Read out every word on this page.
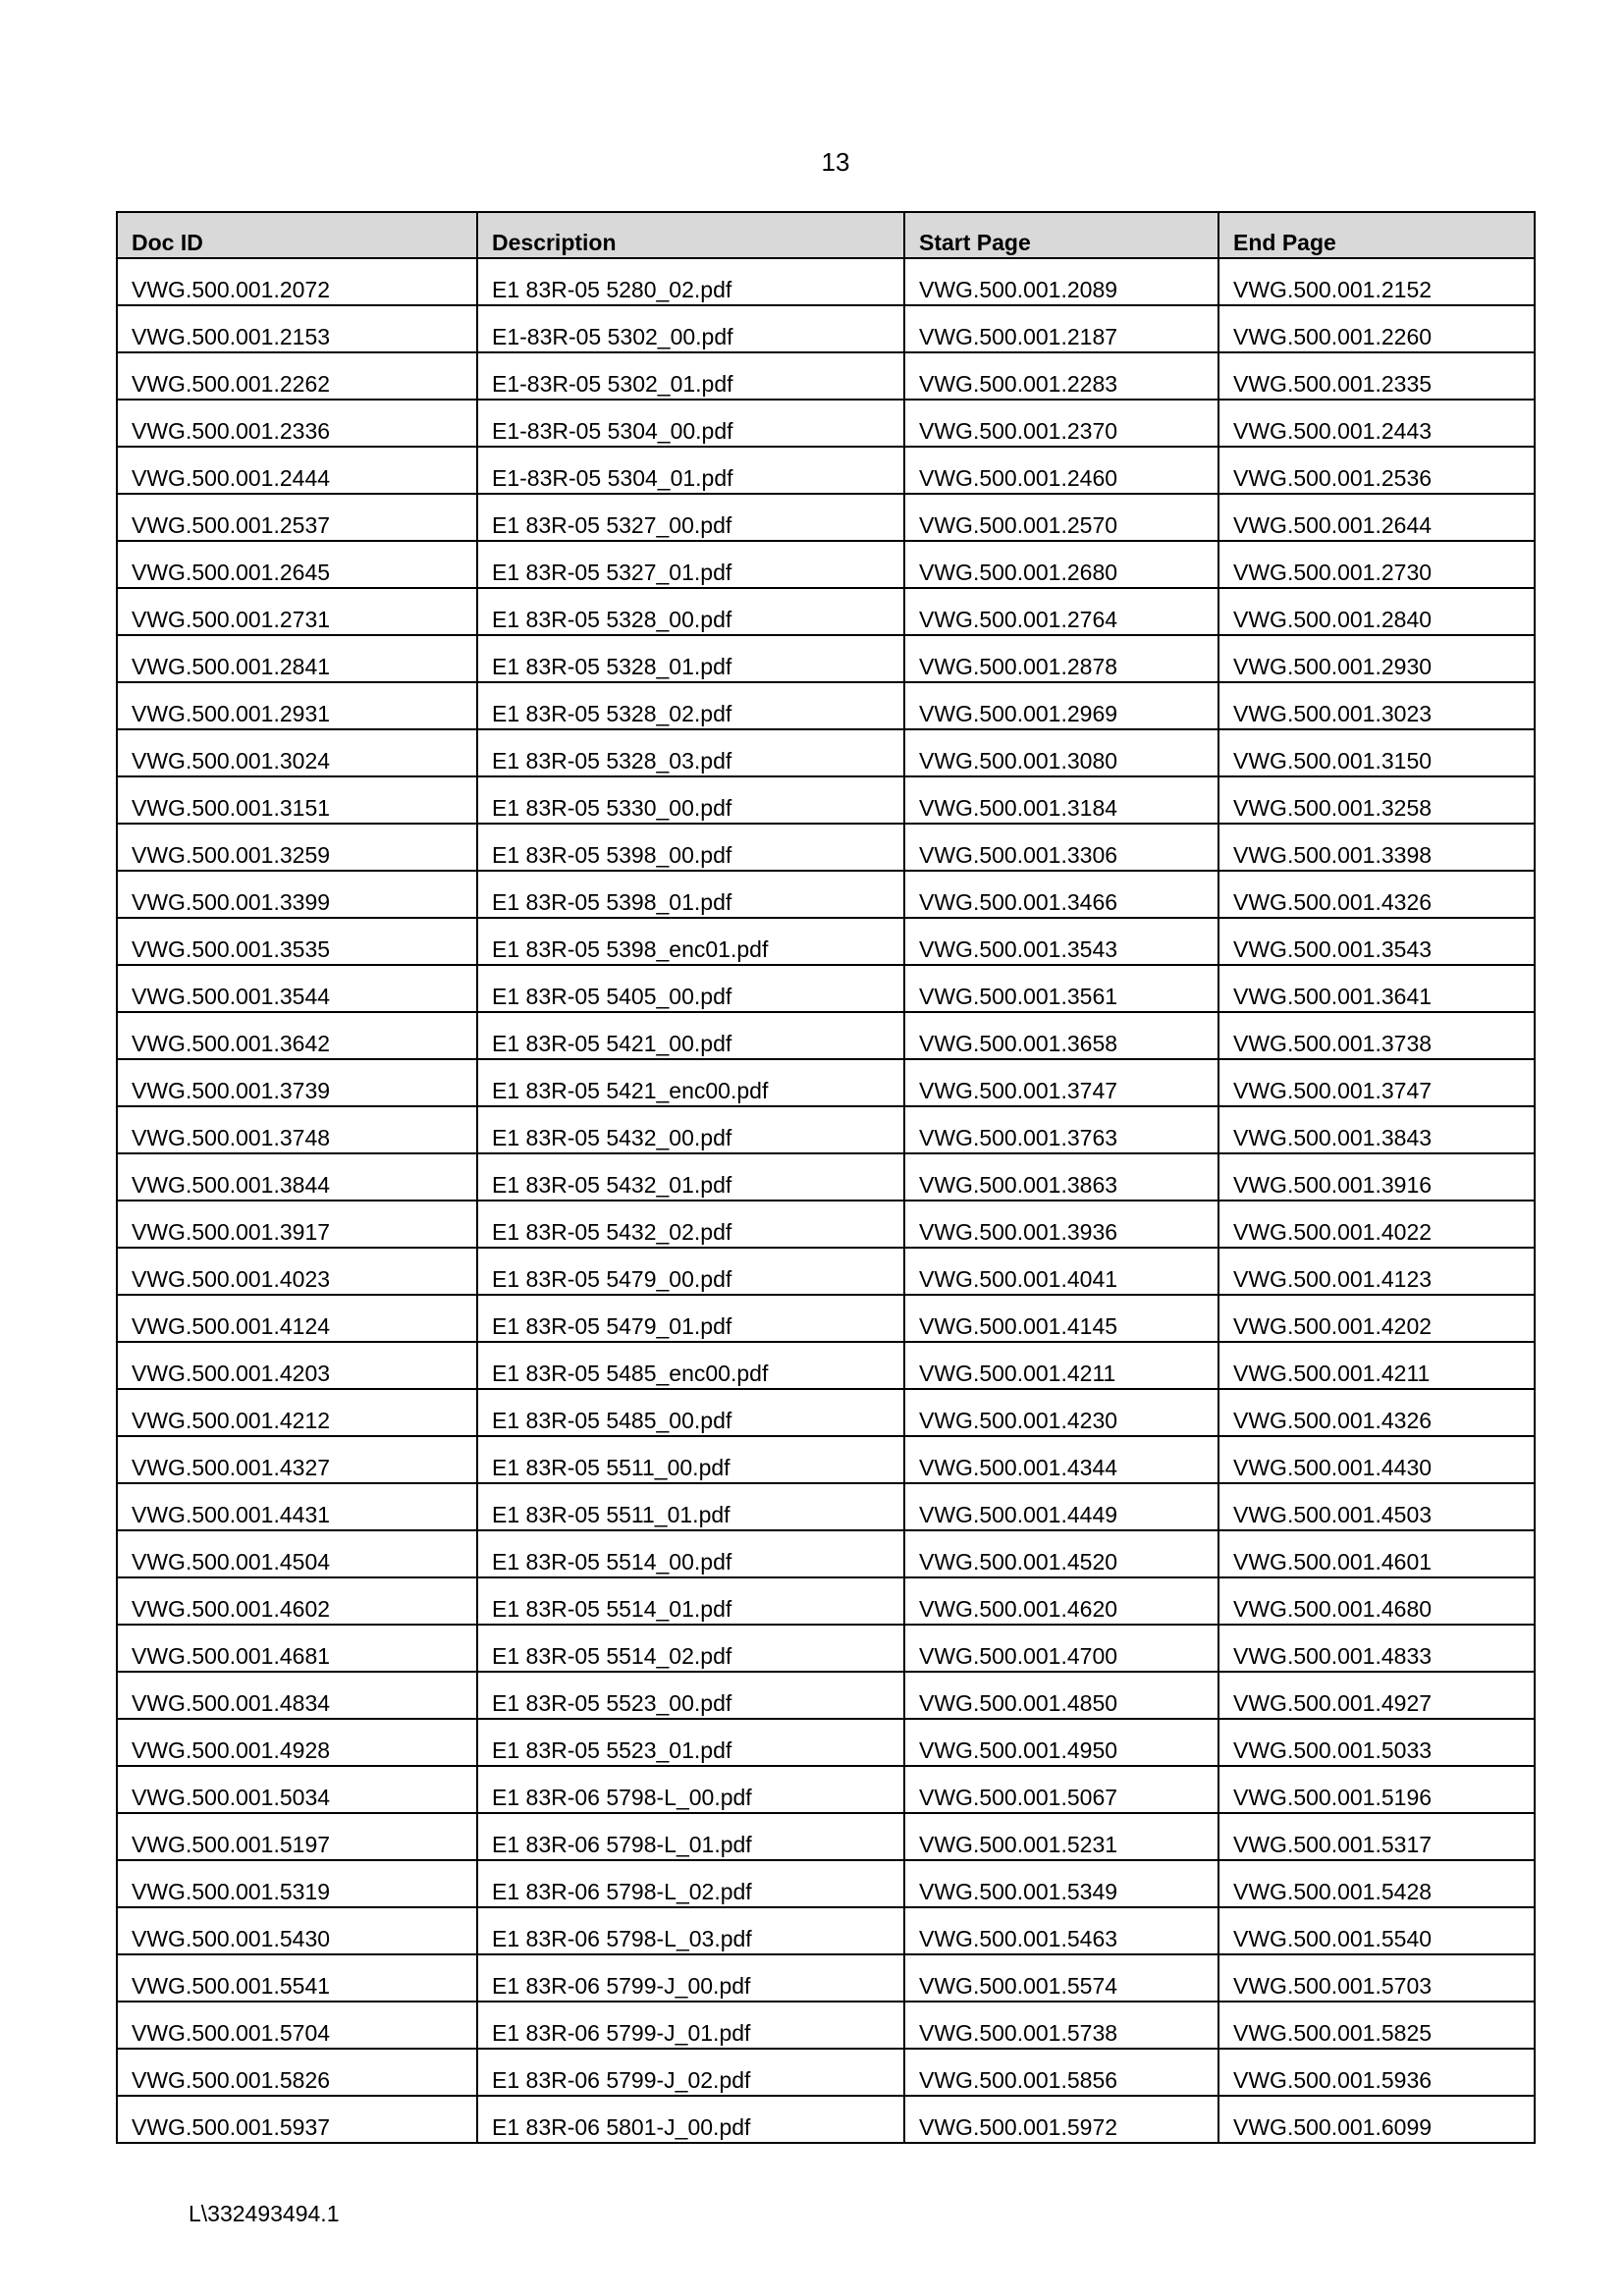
13
Doc ID	Description	Start Page	End Page
VWG.500.001.2072	E1 83R-05 5280_02.pdf	VWG.500.001.2089	VWG.500.001.2152
VWG.500.001.2153	E1-83R-05 5302_00.pdf	VWG.500.001.2187	VWG.500.001.2260
VWG.500.001.2262	E1-83R-05 5302_01.pdf	VWG.500.001.2283	VWG.500.001.2335
VWG.500.001.2336	E1-83R-05 5304_00.pdf	VWG.500.001.2370	VWG.500.001.2443
VWG.500.001.2444	E1-83R-05 5304_01.pdf	VWG.500.001.2460	VWG.500.001.2536
VWG.500.001.2537	E1 83R-05 5327_00.pdf	VWG.500.001.2570	VWG.500.001.2644
VWG.500.001.2645	E1 83R-05 5327_01.pdf	VWG.500.001.2680	VWG.500.001.2730
VWG.500.001.2731	E1 83R-05 5328_00.pdf	VWG.500.001.2764	VWG.500.001.2840
VWG.500.001.2841	E1 83R-05 5328_01.pdf	VWG.500.001.2878	VWG.500.001.2930
VWG.500.001.2931	E1 83R-05 5328_02.pdf	VWG.500.001.2969	VWG.500.001.3023
VWG.500.001.3024	E1 83R-05 5328_03.pdf	VWG.500.001.3080	VWG.500.001.3150
VWG.500.001.3151	E1 83R-05 5330_00.pdf	VWG.500.001.3184	VWG.500.001.3258
VWG.500.001.3259	E1 83R-05 5398_00.pdf	VWG.500.001.3306	VWG.500.001.3398
VWG.500.001.3399	E1 83R-05 5398_01.pdf	VWG.500.001.3466	VWG.500.001.4326
VWG.500.001.3535	E1 83R-05 5398_enc01.pdf	VWG.500.001.3543	VWG.500.001.3543
VWG.500.001.3544	E1 83R-05 5405_00.pdf	VWG.500.001.3561	VWG.500.001.3641
VWG.500.001.3642	E1 83R-05 5421_00.pdf	VWG.500.001.3658	VWG.500.001.3738
VWG.500.001.3739	E1 83R-05 5421_enc00.pdf	VWG.500.001.3747	VWG.500.001.3747
VWG.500.001.3748	E1 83R-05 5432_00.pdf	VWG.500.001.3763	VWG.500.001.3843
VWG.500.001.3844	E1 83R-05 5432_01.pdf	VWG.500.001.3863	VWG.500.001.3916
VWG.500.001.3917	E1 83R-05 5432_02.pdf	VWG.500.001.3936	VWG.500.001.4022
VWG.500.001.4023	E1 83R-05 5479_00.pdf	VWG.500.001.4041	VWG.500.001.4123
VWG.500.001.4124	E1 83R-05 5479_01.pdf	VWG.500.001.4145	VWG.500.001.4202
VWG.500.001.4203	E1 83R-05 5485_enc00.pdf	VWG.500.001.4211	VWG.500.001.4211
VWG.500.001.4212	E1 83R-05 5485_00.pdf	VWG.500.001.4230	VWG.500.001.4326
VWG.500.001.4327	E1 83R-05 5511_00.pdf	VWG.500.001.4344	VWG.500.001.4430
VWG.500.001.4431	E1 83R-05 5511_01.pdf	VWG.500.001.4449	VWG.500.001.4503
VWG.500.001.4504	E1 83R-05 5514_00.pdf	VWG.500.001.4520	VWG.500.001.4601
VWG.500.001.4602	E1 83R-05 5514_01.pdf	VWG.500.001.4620	VWG.500.001.4680
VWG.500.001.4681	E1 83R-05 5514_02.pdf	VWG.500.001.4700	VWG.500.001.4833
VWG.500.001.4834	E1 83R-05 5523_00.pdf	VWG.500.001.4850	VWG.500.001.4927
VWG.500.001.4928	E1 83R-05 5523_01.pdf	VWG.500.001.4950	VWG.500.001.5033
VWG.500.001.5034	E1 83R-06 5798-L_00.pdf	VWG.500.001.5067	VWG.500.001.5196
VWG.500.001.5197	E1 83R-06 5798-L_01.pdf	VWG.500.001.5231	VWG.500.001.5317
VWG.500.001.5319	E1 83R-06 5798-L_02.pdf	VWG.500.001.5349	VWG.500.001.5428
VWG.500.001.5430	E1 83R-06 5798-L_03.pdf	VWG.500.001.5463	VWG.500.001.5540
VWG.500.001.5541	E1 83R-06 5799-J_00.pdf	VWG.500.001.5574	VWG.500.001.5703
VWG.500.001.5704	E1 83R-06 5799-J_01.pdf	VWG.500.001.5738	VWG.500.001.5825
VWG.500.001.5826	E1 83R-06 5799-J_02.pdf	VWG.500.001.5856	VWG.500.001.5936
VWG.500.001.5937	E1 83R-06 5801-J_00.pdf	VWG.500.001.5972	VWG.500.001.6099
L\332493494.1
